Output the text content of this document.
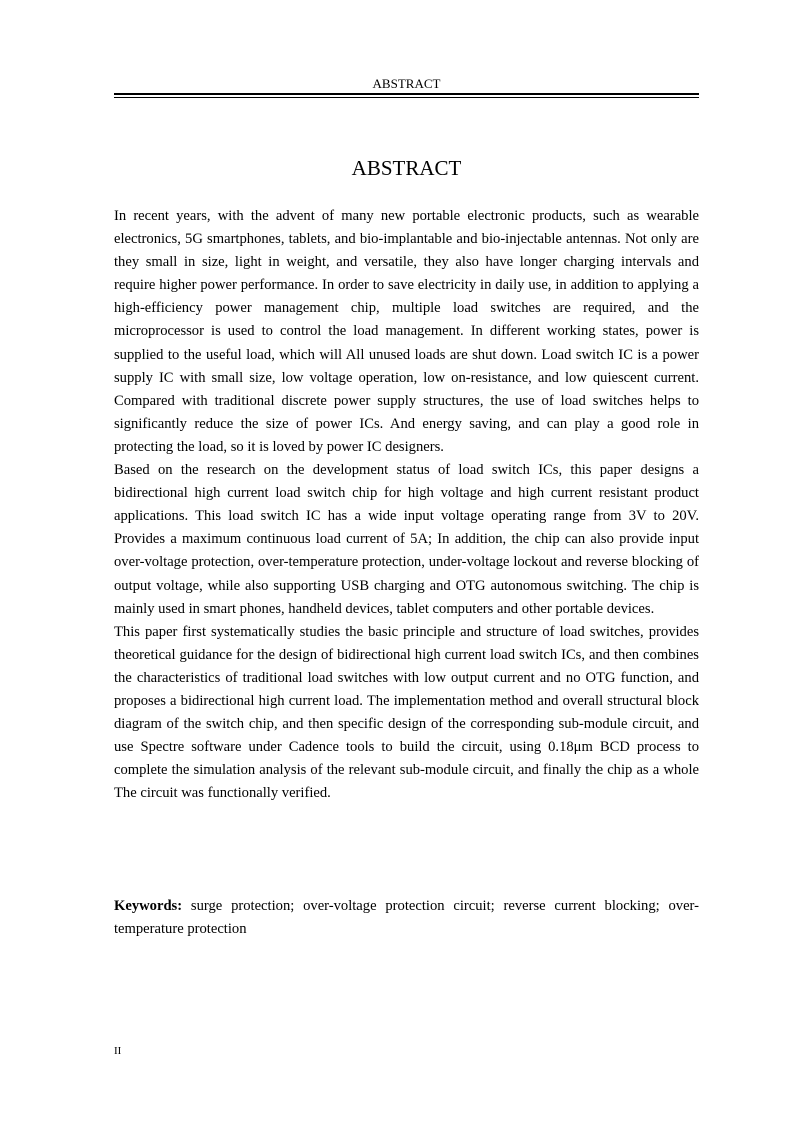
ABSTRACT
ABSTRACT

In recent years, with the advent of many new portable electronic products, such as wearable electronics, 5G smartphones, tablets, and bio-implantable and bio-injectable antennas. Not only are they small in size, light in weight, and versatile, they also have longer charging intervals and require higher power performance. In order to save electricity in daily use, in addition to applying a high-efficiency power management chip, multiple load switches are required, and the microprocessor is used to control the load management. In different working states, power is supplied to the useful load, which will All unused loads are shut down. Load switch IC is a power supply IC with small size, low voltage operation, low on-resistance, and low quiescent current. Compared with traditional discrete power supply structures, the use of load switches helps to significantly reduce the size of power ICs. And energy saving, and can play a good role in protecting the load, so it is loved by power IC designers.

Based on the research on the development status of load switch ICs, this paper designs a bidirectional high current load switch chip for high voltage and high current resistant product applications. This load switch IC has a wide input voltage operating range from 3V to 20V. Provides a maximum continuous load current of 5A; In addition, the chip can also provide input over-voltage protection, over-temperature protection, under-voltage lockout and reverse blocking of output voltage, while also supporting USB charging and OTG autonomous switching. The chip is mainly used in smart phones, handheld devices, tablet computers and other portable devices.

This paper first systematically studies the basic principle and structure of load switches, provides theoretical guidance for the design of bidirectional high current load switch ICs, and then combines the characteristics of traditional load switches with low output current and no OTG function, and proposes a bidirectional high current load. The implementation method and overall structural block diagram of the switch chip, and then specific design of the corresponding sub-module circuit, and use Spectre software under Cadence tools to build the circuit, using 0.18μm BCD process to complete the simulation analysis of the relevant sub-module circuit, and finally the chip as a whole The circuit was functionally verified.

Keywords: surge protection; over-voltage protection circuit; reverse current blocking; over-temperature protection
II
